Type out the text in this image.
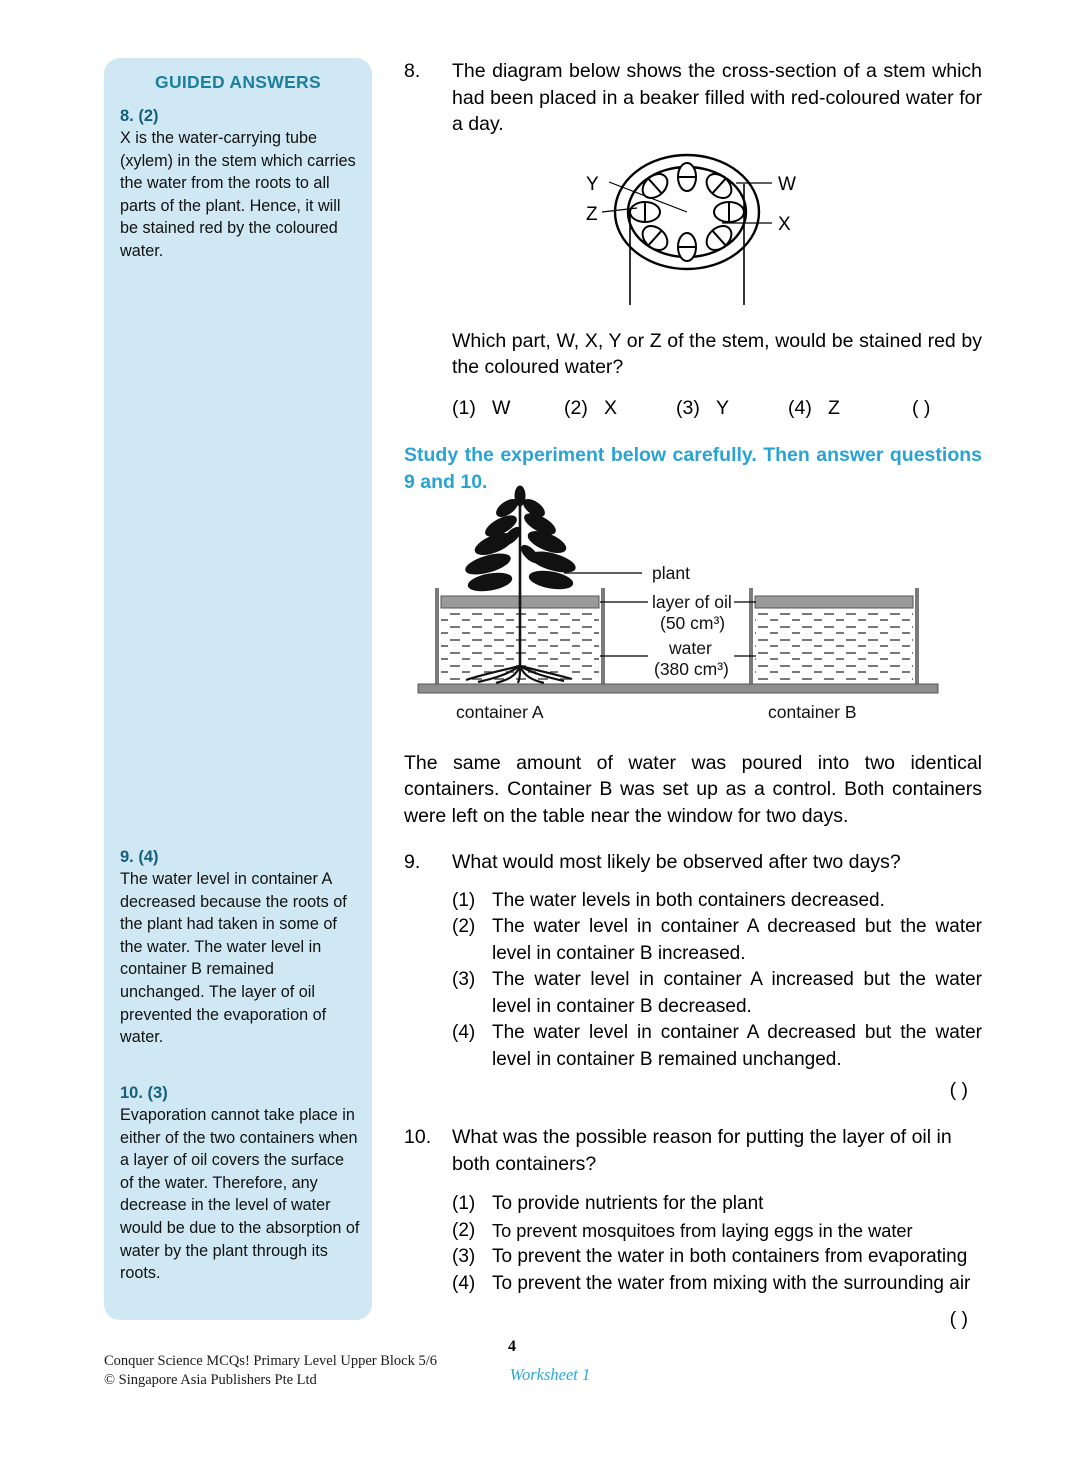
GUIDED ANSWERS
8. (2)
X is the water-carrying tube (xylem) in the stem which carries the water from the roots to all parts of the plant. Hence, it will be stained red by the coloured water.
9. (4)
The water level in container A decreased because the roots of the plant had taken in some of the water. The water level in container B remained unchanged. The layer of oil prevented the evaporation of water.
10. (3)
Evaporation cannot take place in either of the two containers when a layer of oil covers the surface of the water. Therefore, any decrease in the level of water would be due to the absorption of water by the plant through its roots.
8.	The diagram below shows the cross-section of a stem which had been placed in a beaker filled with red-coloured water for a day.
Which part, W, X, Y or Z of the stem, would be stained red by the coloured water?
(1) W	(2) X	(3) Y	(4) Z	( )
Study the experiment below carefully. Then answer questions 9 and 10.
The same amount of water was poured into two identical containers. Container B was set up as a control. Both containers were left on the table near the window for two days.
9.	What would most likely be observed after two days?
(1) The water levels in both containers decreased.
(2) The water level in container A decreased but the water level in container B increased.
(3) The water level in container A increased but the water level in container B decreased.
(4) The water level in container A decreased but the water level in container B remained unchanged.
( )
10.	What was the possible reason for putting the layer of oil in both containers?
(1) To provide nutrients for the plant
(2) To prevent mosquitoes from laying eggs in the water
(3) To prevent the water in both containers from evaporating
(4) To prevent the water from mixing with the surrounding air
( )
Y
Z
W
X
plant
layer of oil
(50 cm³)
water
(380 cm³)
container A	container B
Conquer Science MCQs! Primary Level Upper Block 5/6
© Singapore Asia Publishers Pte Ltd
4
Worksheet 1
